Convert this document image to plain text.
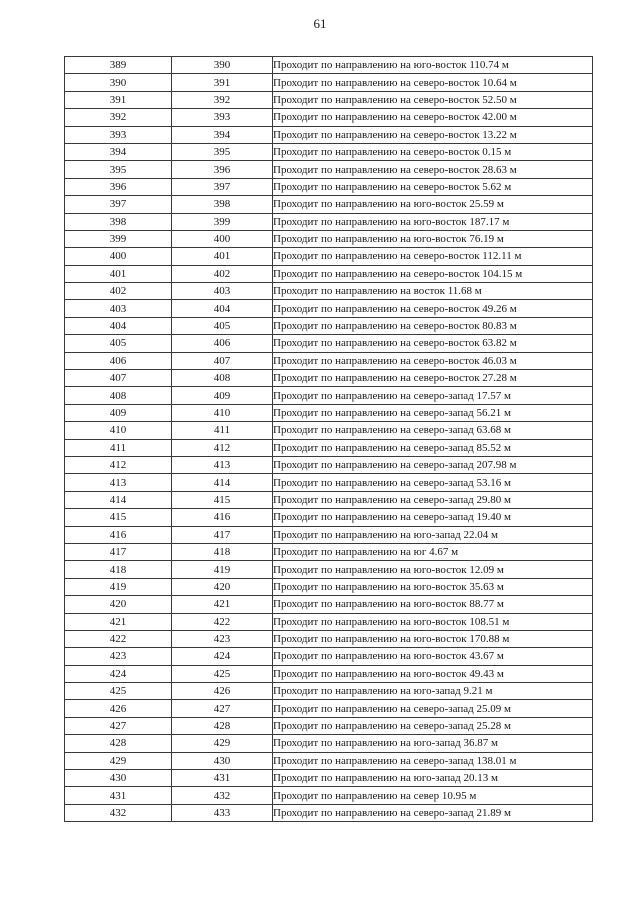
61
389	390	Проходит по направлению на юго-восток 110.74 м
390	391	Проходит по направлению на северо-восток 10.64 м
391	392	Проходит по направлению на северо-восток 52.50 м
392	393	Проходит по направлению на северо-восток 42.00 м
393	394	Проходит по направлению на северо-восток 13.22 м
394	395	Проходит по направлению на северо-восток 0.15 м
395	396	Проходит по направлению на северо-восток 28.63 м
396	397	Проходит по направлению на северо-восток 5.62 м
397	398	Проходит по направлению на юго-восток 25.59 м
398	399	Проходит по направлению на юго-восток 187.17 м
399	400	Проходит по направлению на юго-восток 76.19 м
400	401	Проходит по направлению на северо-восток 112.11 м
401	402	Проходит по направлению на северо-восток 104.15 м
402	403	Проходит по направлению на восток 11.68 м
403	404	Проходит по направлению на северо-восток 49.26 м
404	405	Проходит по направлению на северо-восток 80.83 м
405	406	Проходит по направлению на северо-восток 63.82 м
406	407	Проходит по направлению на северо-восток 46.03 м
407	408	Проходит по направлению на северо-восток 27.28 м
408	409	Проходит по направлению на северо-запад 17.57 м
409	410	Проходит по направлению на северо-запад 56.21 м
410	411	Проходит по направлению на северо-запад 63.68 м
411	412	Проходит по направлению на северо-запад 85.52 м
412	413	Проходит по направлению на северо-запад 207.98 м
413	414	Проходит по направлению на северо-запад 53.16 м
414	415	Проходит по направлению на северо-запад 29.80 м
415	416	Проходит по направлению на северо-запад 19.40 м
416	417	Проходит по направлению на юго-запад 22.04 м
417	418	Проходит по направлению на юг 4.67 м
418	419	Проходит по направлению на юго-восток 12.09 м
419	420	Проходит по направлению на юго-восток 35.63 м
420	421	Проходит по направлению на юго-восток 88.77 м
421	422	Проходит по направлению на юго-восток 108.51 м
422	423	Проходит по направлению на юго-восток 170.88 м
423	424	Проходит по направлению на юго-восток 43.67 м
424	425	Проходит по направлению на юго-восток 49.43 м
425	426	Проходит по направлению на юго-запад 9.21 м
426	427	Проходит по направлению на северо-запад 25.09 м
427	428	Проходит по направлению на северо-запад 25.28 м
428	429	Проходит по направлению на юго-запад 36.87 м
429	430	Проходит по направлению на северо-запад 138.01 м
430	431	Проходит по направлению на юго-запад 20.13 м
431	432	Проходит по направлению на север 10.95 м
432	433	Проходит по направлению на северо-запад 21.89 м
